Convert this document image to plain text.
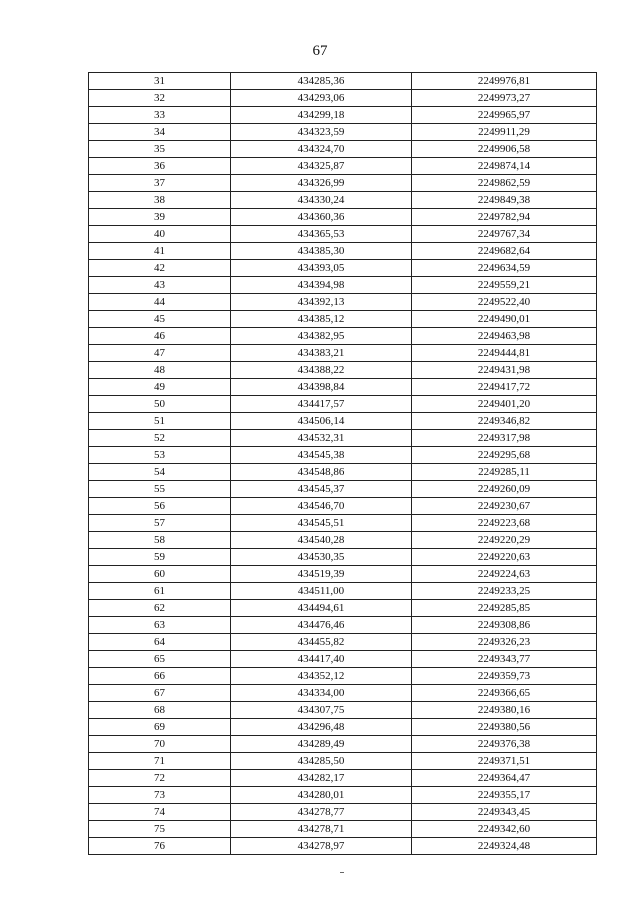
67
31	434285,36	2249976,81
32	434293,06	2249973,27
33	434299,18	2249965,97
34	434323,59	2249911,29
35	434324,70	2249906,58
36	434325,87	2249874,14
37	434326,99	2249862,59
38	434330,24	2249849,38
39	434360,36	2249782,94
40	434365,53	2249767,34
41	434385,30	2249682,64
42	434393,05	2249634,59
43	434394,98	2249559,21
44	434392,13	2249522,40
45	434385,12	2249490,01
46	434382,95	2249463,98
47	434383,21	2249444,81
48	434388,22	2249431,98
49	434398,84	2249417,72
50	434417,57	2249401,20
51	434506,14	2249346,82
52	434532,31	2249317,98
53	434545,38	2249295,68
54	434548,86	2249285,11
55	434545,37	2249260,09
56	434546,70	2249230,67
57	434545,51	2249223,68
58	434540,28	2249220,29
59	434530,35	2249220,63
60	434519,39	2249224,63
61	434511,00	2249233,25
62	434494,61	2249285,85
63	434476,46	2249308,86
64	434455,82	2249326,23
65	434417,40	2249343,77
66	434352,12	2249359,73
67	434334,00	2249366,65
68	434307,75	2249380,16
69	434296,48	2249380,56
70	434289,49	2249376,38
71	434285,50	2249371,51
72	434282,17	2249364,47
73	434280,01	2249355,17
74	434278,77	2249343,45
75	434278,71	2249342,60
76	434278,97	2249324,48
